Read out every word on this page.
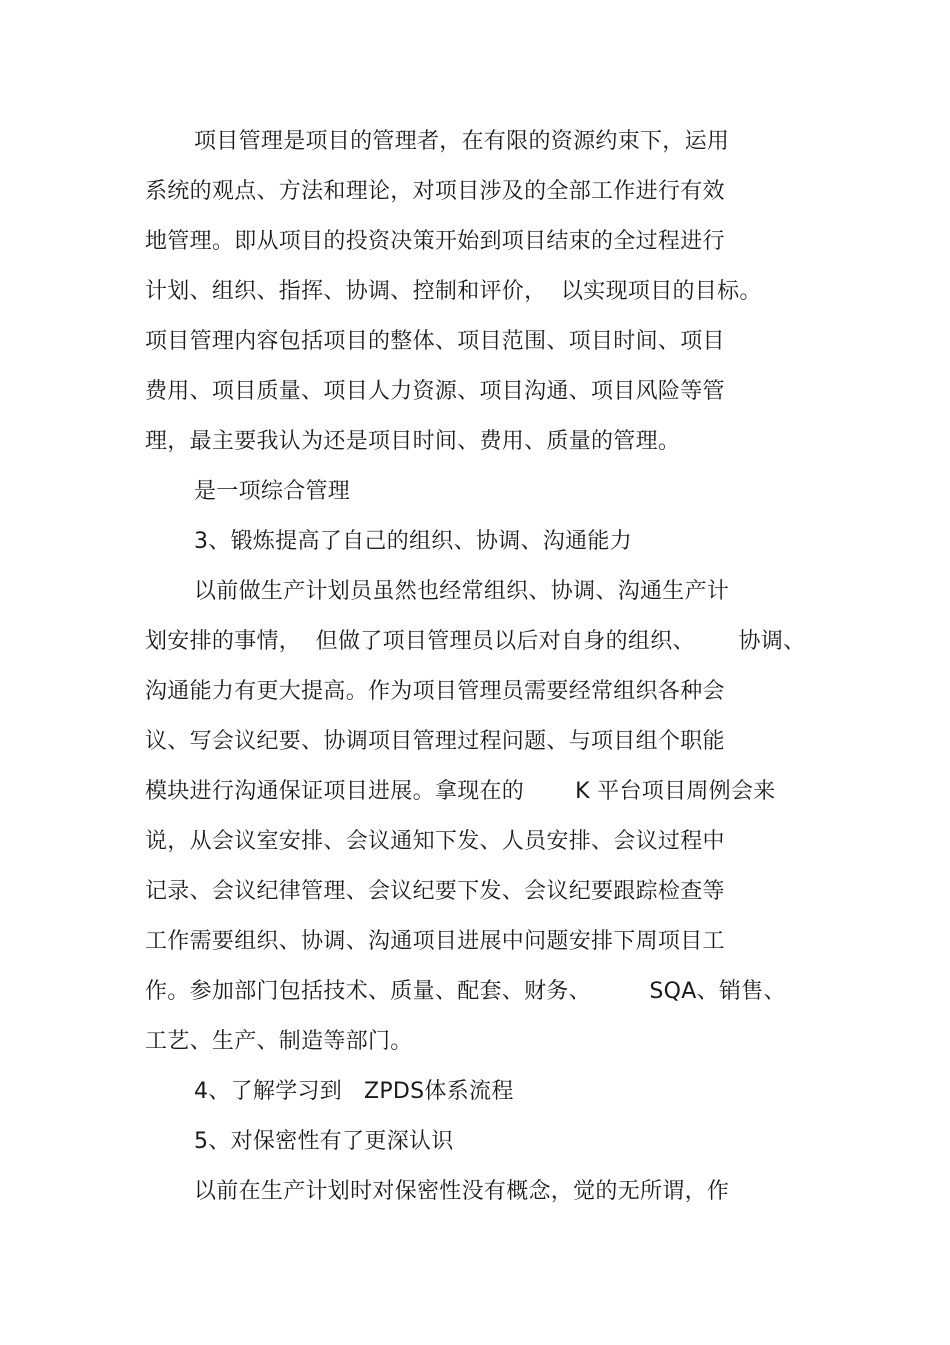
项目管理是项目的管理者，在有限的资源约束下，运用
系统的观点、方法和理论，对项目涉及的全部工作进行有效
地管理。即从项目的投资决策开始到项目结束的全过程进行
计划、组织、指挥、协调、控制和评价，  以实现项目的目标。
项目管理内容包括项目的整体、项目范围、项目时间、项目
费用、项目质量、项目人力资源、项目沟通、项目风险等管
理，最主要我认为还是项目时间、费用、质量的管理。
是一项综合管理
3、锻炼提高了自己的组织、协调、沟通能力
以前做生产计划员虽然也经常组织、协调、沟通生产计
划安排的事情，  但做了项目管理员以后对自身的组织、      协调、
沟通能力有更大提高。作为项目管理员需要经常组织各种会
议、写会议纪要、协调项目管理过程问题、与项目组个职能
模块进行沟通保证项目进展。拿现在的       K 平台项目周例会来
说，从会议室安排、会议通知下发、人员安排、会议过程中
记录、会议纪律管理、会议纪要下发、会议纪要跟踪检查等
工作需要组织、协调、沟通项目进展中问题安排下周项目工
作。参加部门包括技术、质量、配套、财务、        SQA、销售、
工艺、生产、制造等部门。
4、了解学习到   ZPDS体系流程
5、对保密性有了更深认识
以前在生产计划时对保密性没有概念，觉的无所谓，作
